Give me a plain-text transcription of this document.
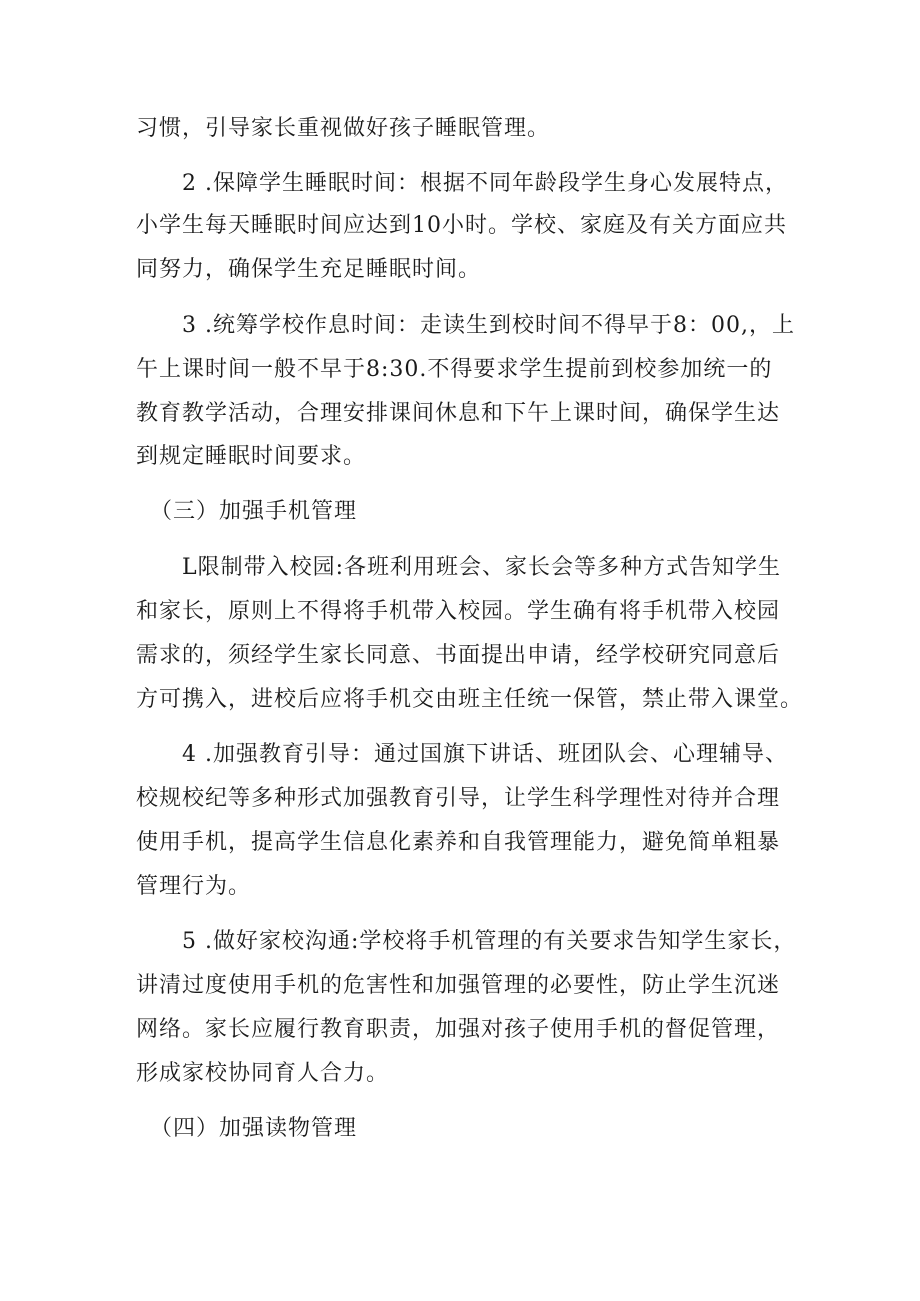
习惯，引导家长重视做好孩子睡眠管理。
2 .保障学生睡眠时间：根据不同年龄段学生身心发展特点，
小学生每天睡眠时间应达到10小时。学校、家庭及有关方面应共
同努力，确保学生充足睡眠时间。
3 .统筹学校作息时间：走读生到校时间不得早于8：00,，上
午上课时间一般不早于8:30.不得要求学生提前到校参加统一的
教育教学活动，合理安排课间休息和下午上课时间，确保学生达
到规定睡眠时间要求。
（三）加强手机管理
L限制带入校园:各班利用班会、家长会等多种方式告知学生
和家长，原则上不得将手机带入校园。学生确有将手机带入校园
需求的，须经学生家长同意、书面提出申请，经学校研究同意后
方可携入，进校后应将手机交由班主任统一保管，禁止带入课堂。
4 .加强教育引导：通过国旗下讲话、班团队会、心理辅导、
校规校纪等多种形式加强教育引导，让学生科学理性对待并合理
使用手机，提高学生信息化素养和自我管理能力，避免简单粗暴
管理行为。
5 .做好家校沟通:学校将手机管理的有关要求告知学生家长，
讲清过度使用手机的危害性和加强管理的必要性，防止学生沉迷
网络。家长应履行教育职责，加强对孩子使用手机的督促管理，
形成家校协同育人合力。
（四）加强读物管理
